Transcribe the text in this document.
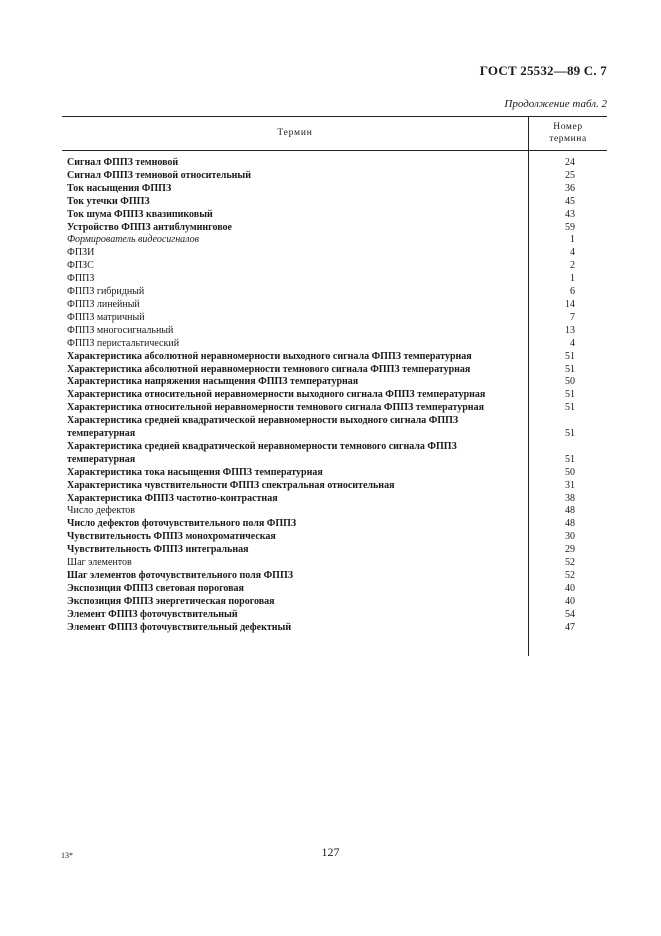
ГОСТ 25532—89 С. 7
Продолжение табл. 2
Термин
Номер
термина
Сигнал ФППЗ темновой	24
Сигнал ФППЗ темновой относительный	25
Ток насыщения ФППЗ	36
Ток утечки ФППЗ	45
Ток шума ФППЗ квазипиковый	43
Устройство ФППЗ антиблуминговое	59
Формирователь видеосигналов	1
ФПЗИ	4
ФПЗС	2
ФППЗ	1
ФППЗ гибридный	6
ФППЗ линейный	14
ФППЗ матричный	7
ФППЗ многосигнальный	13
ФППЗ перистальтический	4
Характеристика абсолютной неравномерности выходного сигнала ФППЗ температурная	51
Характеристика абсолютной неравномерности темнового сигнала ФППЗ температурная	51
Характеристика напряжения насыщения ФППЗ температурная	50
Характеристика относительной неравномерности выходного сигнала ФППЗ температурная	51
Характеристика относительной неравномерности темнового сигнала ФППЗ температурная	51
Характеристика средней квадратической неравномерности выходного сигнала ФППЗ
температурная	51
Характеристика средней квадратической неравномерности темнового сигнала ФППЗ
температурная	51
Характеристика тока насыщения ФППЗ температурная	50
Характеристика чувствительности ФППЗ спектральная относительная	31
Характеристика ФППЗ частотно-контрастная	38
Число дефектов	48
Число дефектов фоточувствительного поля ФППЗ	48
Чувствительность ФППЗ монохроматическая	30
Чувствительность ФППЗ интегральная	29
Шаг элементов	52
Шаг элементов фоточувствительного поля ФППЗ	52
Экспозиция ФППЗ световая пороговая	40
Экспозиция ФППЗ энергетическая пороговая	40
Элемент ФППЗ фоточувствительный	54
Элемент ФППЗ фоточувствительный дефектный	47
13*	127
